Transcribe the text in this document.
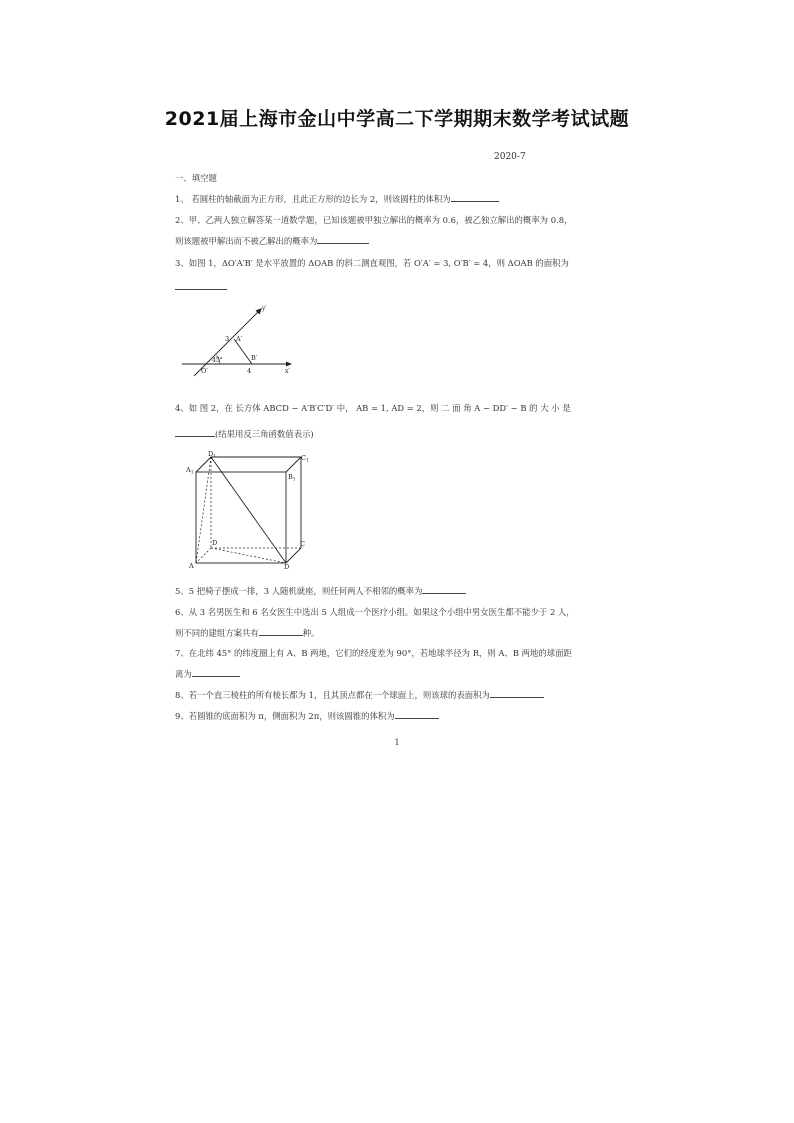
2021届上海市金山中学高二下学期期末数学考试试题
2020-7
一、填空题
1、 若圆柱的轴截面为正方形，且此正方形的边长为 2，则该圆柱的体积为
2、甲、乙两人独立解答某一道数学题，已知该题被甲独立解出的概率为 0.6，被乙独立解出的概率为 0.8，
则该题被甲解出而不被乙解出的概率为
3、如图 1，ΔO′A′B′ 是水平放置的 ΔOAB 的斜二测直观图，若 O′A′ = 3, O′B′ = 4，则 ΔOAB 的面积为
y′
x′
A′
B′
O′
3
4
45°
4、如 图 2，在 长方体 ABCD − A′B′C′D′ 中， AB = 1, AD = 2，则 二 面 角 A − DD′ − B 的 大 小 是
(结果用反三角函数值表示)
$D_1$	$C_1$
$A_1$	$B_1$
D	C
A	D
5、5 把椅子摆成一排，3 人随机就座，则任何两人不相邻的概率为
6、从 3 名男医生和 6 名女医生中选出 5 人组成一个医疗小组。如果这个小组中男女医生都不能少于 2 人，
则不同的建组方案共有	种。
7、在北纬 45° 的纬度圈上有 A、B 两地，它们的经度差为 90°，若地球半径为 R，则 A、B 两地的球面距
离为
8、若一个直三棱柱的所有棱长都为 1，且其顶点都在一个球面上，则该球的表面积为
9、若圆锥的底面积为 π，侧面积为 2π，则该圆锥的体积为
1
